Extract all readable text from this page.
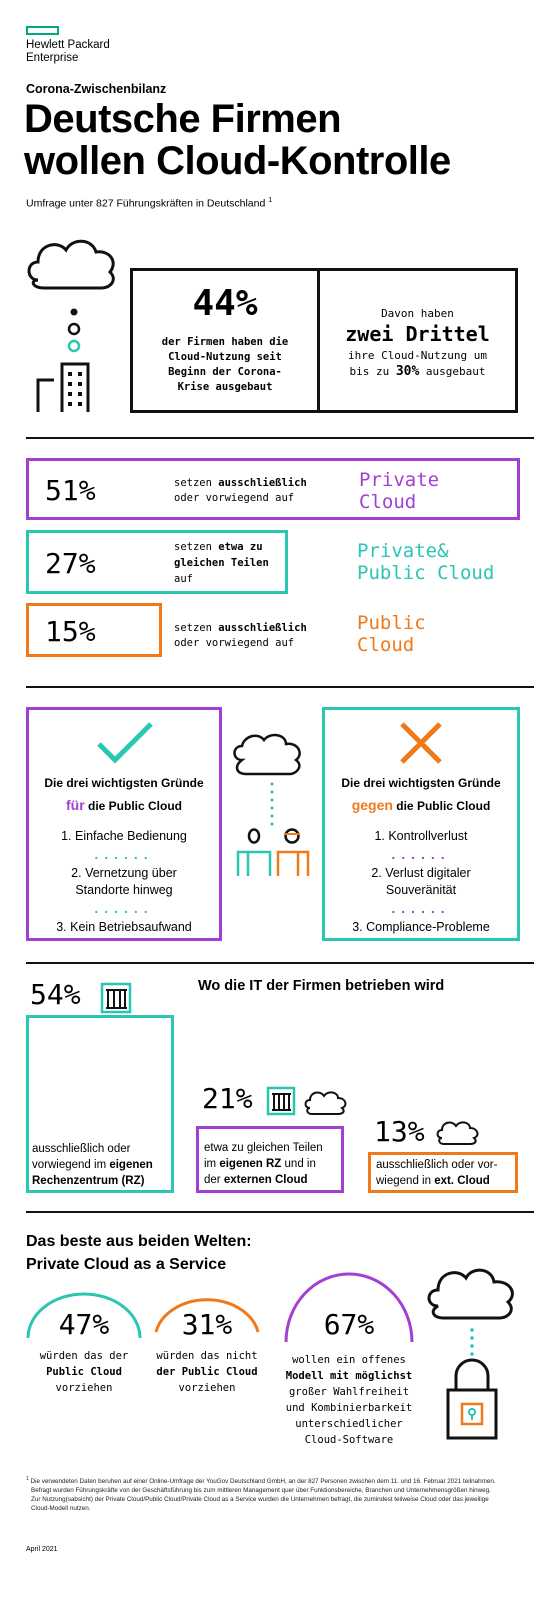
Hewlett Packard
Enterprise
Corona-Zwischenbilanz
Deutsche Firmen
wollen Cloud-Kontrolle
Umfrage unter 827 Führungskräften in Deutschland $^1$
44%
der Firmen haben die
Cloud-Nutzung seit
Beginn der Corona-
Krise ausgebaut
Davon haben
zwei Drittel
ihre Cloud-Nutzung um
bis zu 30% ausgebaut
51%	setzen ausschließlich
oder vorwiegend auf
Private
Cloud
27%	setzen etwa zu
gleichen Teilen
auf
Private&
Public Cloud
15%	setzen ausschließlich
oder vorwiegend auf
Public
Cloud
Die drei wichtigsten Gründe
für die Public Cloud
1. Einfache Bedienung
......
2. Vernetzung über
Standorte hinweg
......
3. Kein Betriebsaufwand
Die drei wichtigsten Gründe
gegen die Public Cloud
1. Kontrollverlust
......
2. Verlust digitaler
Souveränität
......
3. Compliance-Probleme
Wo die IT der Firmen betrieben wird
54%
ausschließlich oder
vorwiegend im eigenen
Rechenzentrum (RZ)
21%
etwa zu gleichen Teilen
im eigenen RZ und in
der externen Cloud
13%
ausschließlich oder vor-
wiegend in ext. Cloud
Das beste aus beiden Welten:
Private Cloud as a Service
47%
würden das der
Public Cloud
vorziehen
31%
würden das nicht
der Public Cloud
vorziehen
67%
wollen ein offenes
Modell mit möglichst
großer Wahlfreiheit
und Kombinierbarkeit
unterschiedlicher
Cloud-Software
$^1$ Die verwendeten Daten beruhen auf einer Online-Umfrage der YouGov Deutschland GmbH, an der 827 Personen zwischen dem 11. und 16. Februar 2021 teilnahmen.
Befragt wurden Führungskräfte von der Geschäftsführung bis zum mittleren Management quer über Funktionsbereiche, Branchen und Unternehmensgrößen hinweg.
Zur Nutzung(sabsicht) der Private Cloud/Public Cloud/Private Cloud as a Service wurden die Unternehmen befragt, die zumindest teilweise Cloud oder das jeweilige
Cloud-Modell nutzen.
April 2021
